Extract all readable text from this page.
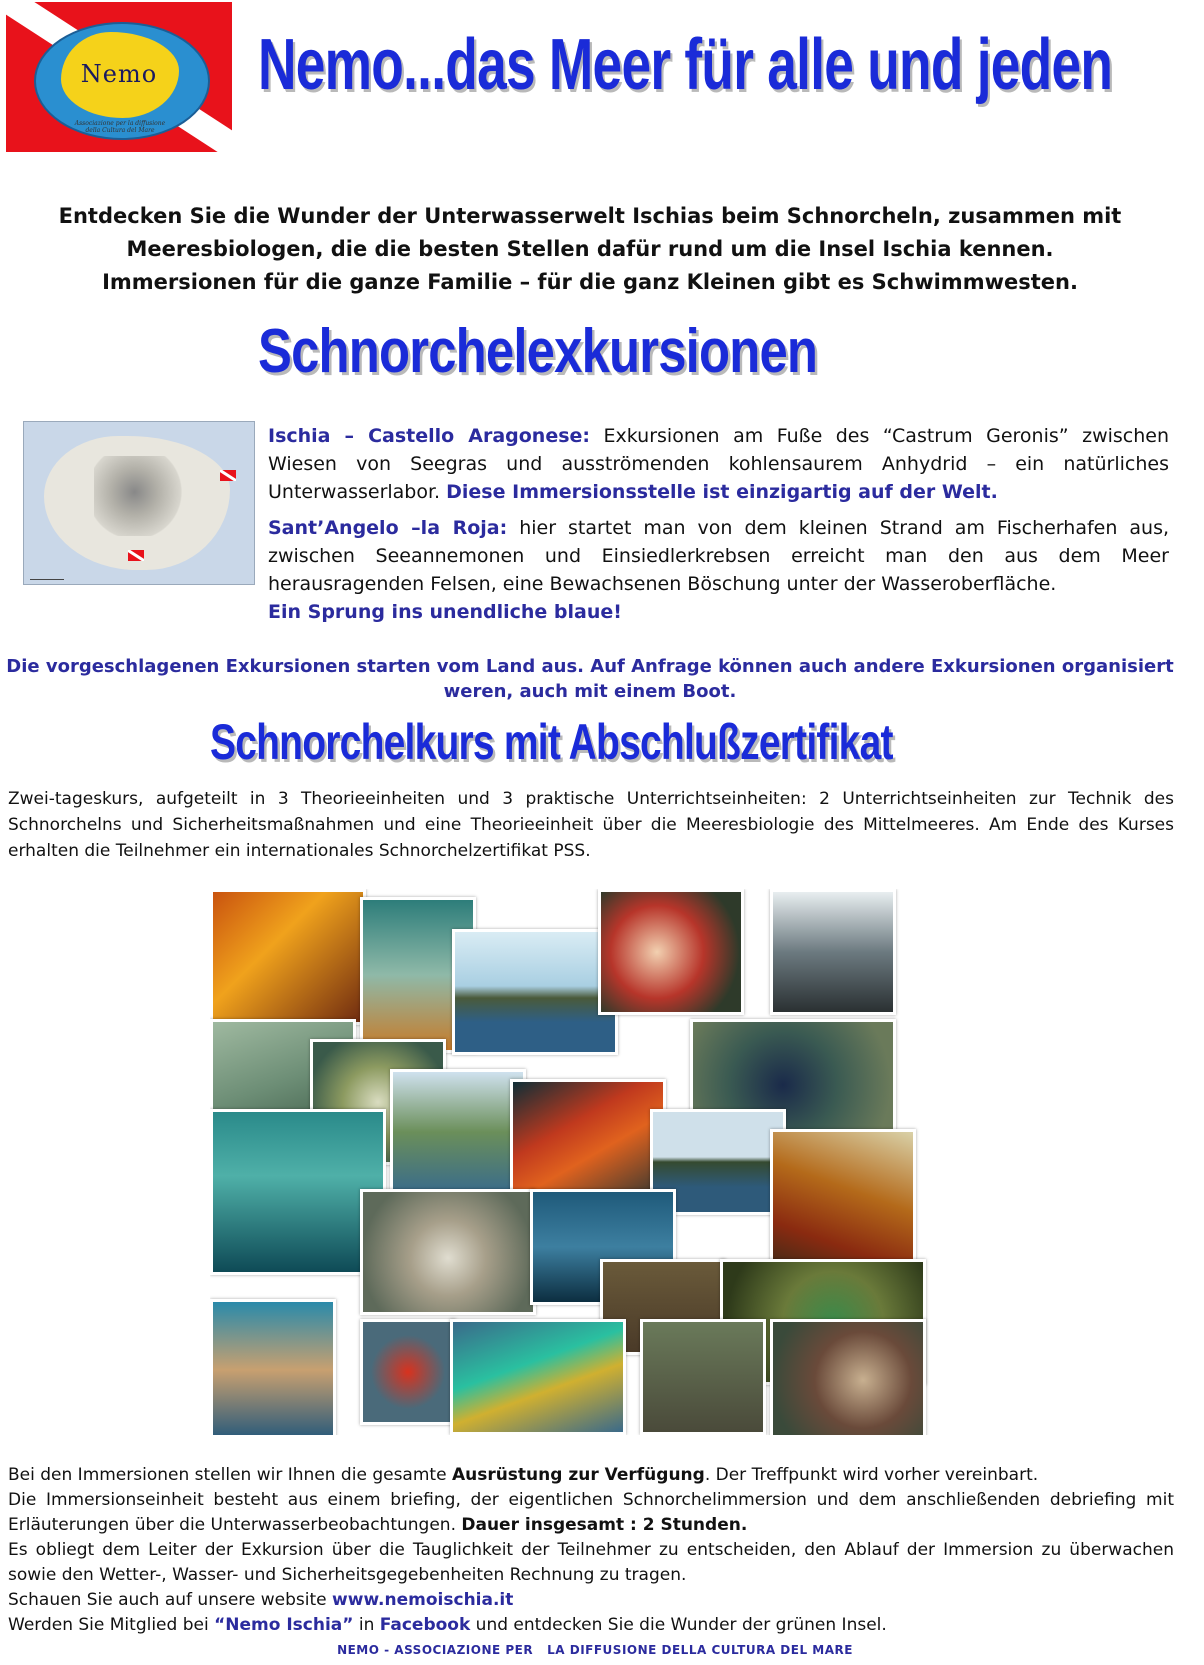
Nemo
Associazione per la diffusione della Cultura del Mare
Nemo...das Meer für alle und jeden
Entdecken Sie die Wunder der Unterwasserwelt Ischias beim Schnorcheln, zusammen mit
Meeresbiologen, die die besten Stellen dafür rund um die Insel Ischia kennen.
Immersionen für die ganze Familie – für die ganz Kleinen gibt es Schwimmwesten.
Schnorchelexkursionen
Ischia – Castello Aragonese: Exkursionen am Fuße des “Castrum Geronis” zwischen Wiesen von Seegras und ausströmenden kohlensaurem Anhydrid – ein natürliches Unterwasserlabor. Diese Immersionsstelle ist einzigartig auf der Welt.
Sant’Angelo –la Roja: hier startet man von dem kleinen Strand am Fischerhafen aus, zwischen Seeannemonen und Einsiedlerkrebsen erreicht man den aus dem Meer herausragenden Felsen, eine Bewachsenen Böschung unter der Wasseroberfläche.
Ein Sprung ins unendliche blaue!
Die vorgeschlagenen Exkursionen starten vom Land aus. Auf Anfrage können auch andere Exkursionen organisiert
weren, auch mit einem Boot.
Schnorchelkurs mit Abschlußzertifikat
Zwei-tageskurs, aufgeteilt in 3 Theorieeinheiten und 3 praktische Unterrichtseinheiten: 2 Unterrichtseinheiten zur Technik des Schnorchelns und Sicherheitsmaßnahmen und eine Theorieeinheit über die Meeresbiologie des Mittelmeeres. Am Ende des Kurses erhalten die Teilnehmer ein internationales Schnorchelzertifikat PSS.
Bei den Immersionen stellen wir Ihnen die gesamte Ausrüstung zur Verfügung. Der Treffpunkt wird vorher vereinbart.
Die Immersionseinheit besteht aus einem briefing, der eigentlichen Schnorchelimmersion und dem anschließenden debriefing mit Erläuterungen über die Unterwasserbeobachtungen. Dauer insgesamt : 2 Stunden.
Es obliegt dem Leiter der Exkursion über die Tauglichkeit der Teilnehmer zu entscheiden, den Ablauf der Immersion zu überwachen sowie den Wetter-, Wasser- und Sicherheitsgegebenheiten Rechnung zu tragen.
Schauen Sie auch auf unsere website www.nemoischia.it
Werden Sie Mitglied bei “Nemo Ischia” in Facebook und entdecken Sie die Wunder der grünen Insel.
NEMO - ASSOCIAZIONE PER   LA DIFFUSIONE DELLA CULTURA DEL MARE
